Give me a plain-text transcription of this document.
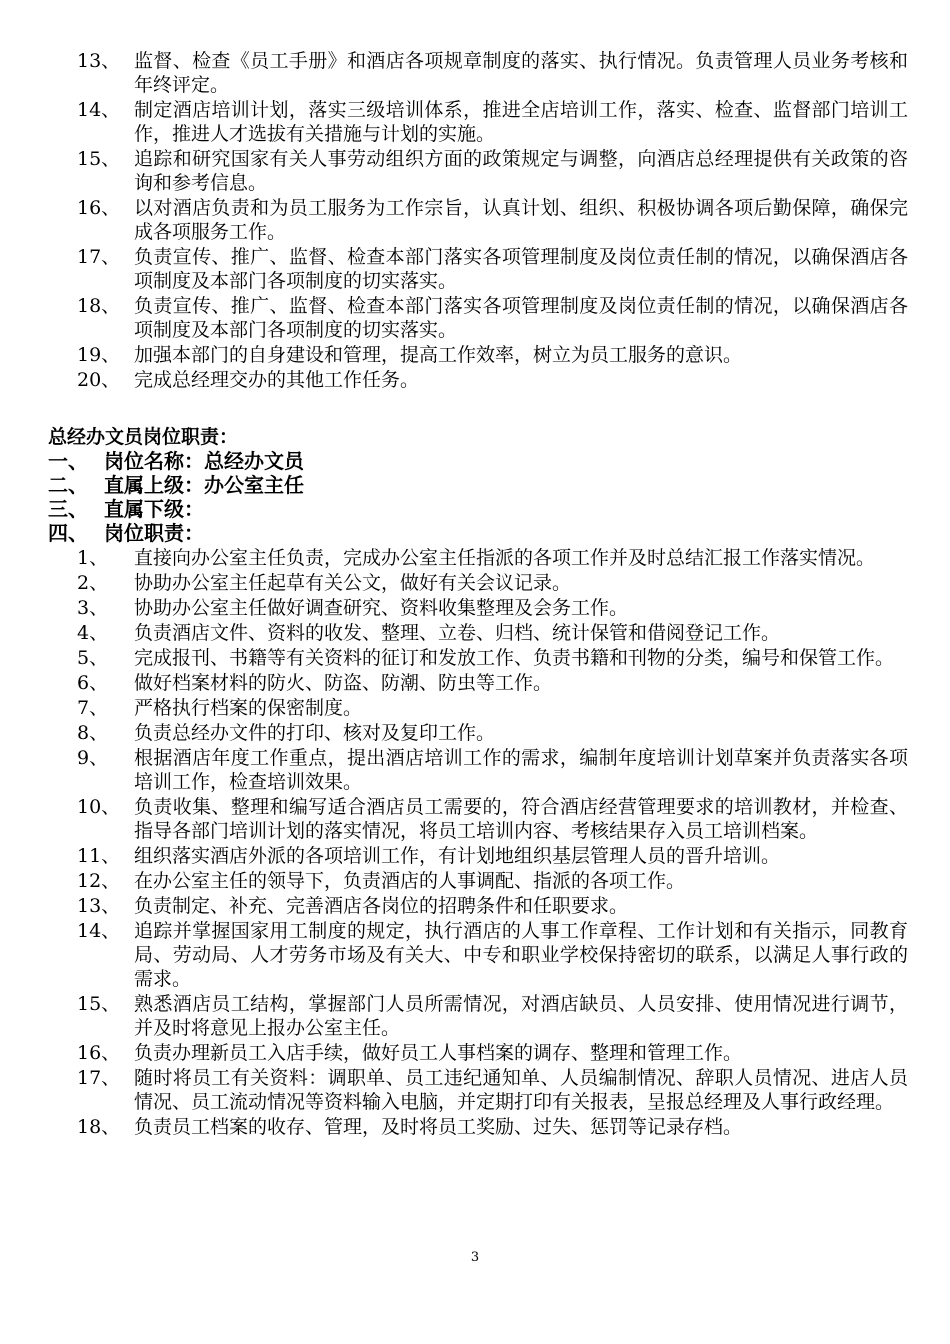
13、 监督、检查《员工手册》和酒店各项规章制度的落实、执行情况。负责管理人员业务考核和年终评定。
14、 制定酒店培训计划，落实三级培训体系，推进全店培训工作，落实、检查、监督部门培训工作，推进人才选拔有关措施与计划的实施。
15、 追踪和研究国家有关人事劳动组织方面的政策规定与调整，向酒店总经理提供有关政策的咨询和参考信息。
16、 以对酒店负责和为员工服务为工作宗旨，认真计划、组织、积极协调各项后勤保障，确保完成各项服务工作。
17、 负责宣传、推广、监督、检查本部门落实各项管理制度及岗位责任制的情况，以确保酒店各项制度及本部门各项制度的切实落实。
18、 负责宣传、推广、监督、检查本部门落实各项管理制度及岗位责任制的情况，以确保酒店各项制度及本部门各项制度的切实落实。
19、 加强本部门的自身建设和管理，提高工作效率，树立为员工服务的意识。
20、 完成总经理交办的其他工作任务。
总经办文员岗位职责：
一、 岗位名称：总经办文员
二、 直属上级：办公室主任
三、 直属下级：
四、 岗位职责：
1、	直接向办公室主任负责，完成办公室主任指派的各项工作并及时总结汇报工作落实情况。
2、	协助办公室主任起草有关公文，做好有关会议记录。
3、	协助办公室主任做好调查研究、资料收集整理及会务工作。
4、	负责酒店文件、资料的收发、整理、立卷、归档、统计保管和借阅登记工作。
5、	完成报刊、书籍等有关资料的征订和发放工作、负责书籍和刊物的分类，编号和保管工作。
6、	做好档案材料的防火、防盗、防潮、防虫等工作。
7、	严格执行档案的保密制度。
8、	负责总经办文件的打印、核对及复印工作。
9、	根据酒店年度工作重点，提出酒店培训工作的需求，编制年度培训计划草案并负责落实各项培训工作，检查培训效果。
10、 负责收集、整理和编写适合酒店员工需要的，符合酒店经营管理要求的培训教材，并检查、指导各部门培训计划的落实情况，将员工培训内容、考核结果存入员工培训档案。
11、 组织落实酒店外派的各项培训工作，有计划地组织基层管理人员的晋升培训。
12、 在办公室主任的领导下，负责酒店的人事调配、指派的各项工作。
13、 负责制定、补充、完善酒店各岗位的招聘条件和任职要求。
14、 追踪并掌握国家用工制度的规定，执行酒店的人事工作章程、工作计划和有关指示，同教育局、劳动局、人才劳务市场及有关大、中专和职业学校保持密切的联系，以满足人事行政的需求。
15、 熟悉酒店员工结构，掌握部门人员所需情况，对酒店缺员、人员安排、使用情况进行调节，并及时将意见上报办公室主任。
16、 负责办理新员工入店手续，做好员工人事档案的调存、整理和管理工作。
17、 随时将员工有关资料：调职单、员工违纪通知单、人员编制情况、辞职人员情况、进店人员情况、员工流动情况等资料输入电脑，并定期打印有关报表，呈报总经理及人事行政经理。
18、 负责员工档案的收存、管理，及时将员工奖励、过失、惩罚等记录存档。
3
